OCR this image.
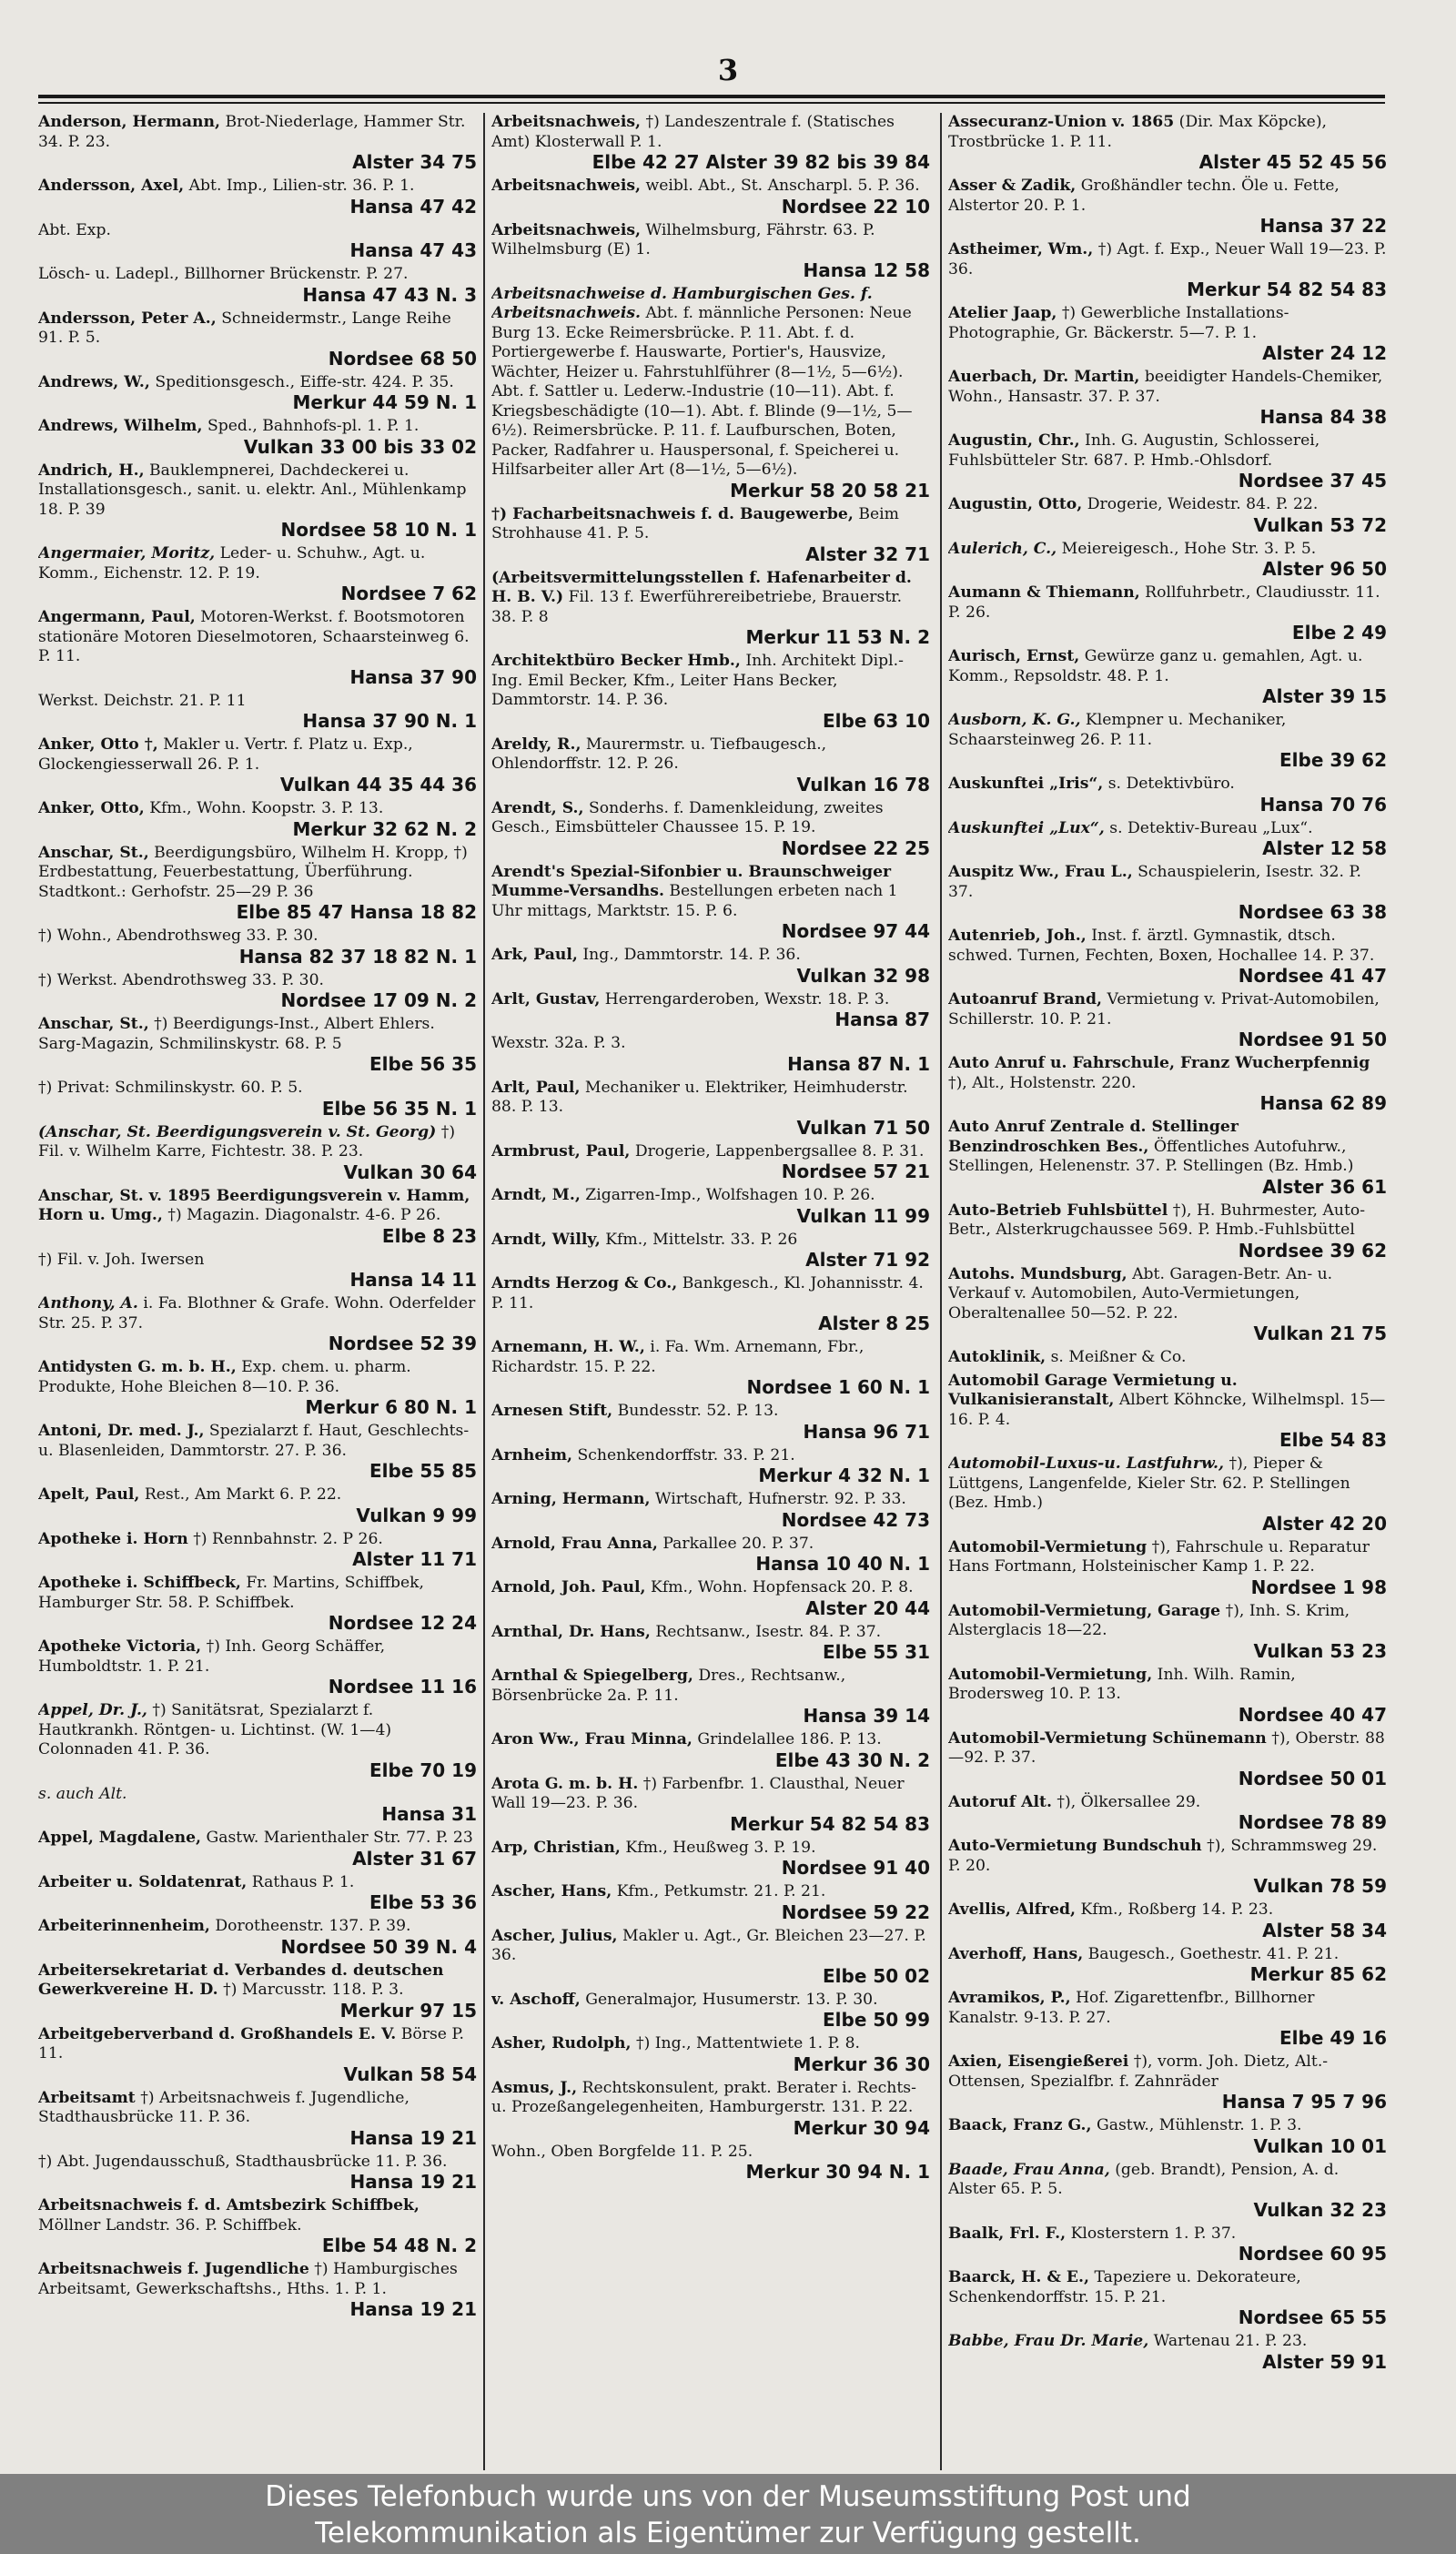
3
Anderson, Hermann, Brot-Niederlage, Hammer Str. 34. P. 23.
Alster 34 75
Andersson, Axel, Abt. Imp., Lilien-str. 36. P. 1.
Hansa 47 42
Abt. Exp.
Hansa 47 43
Lösch- u. Ladepl., Billhorner Brückenstr. P. 27.
Hansa 47 43 N. 3
Andersson, Peter A., Schneidermstr., Lange Reihe 91. P. 5.
Nordsee 68 50
Andrews, W., Speditionsgesch., Eiffe-str. 424. P. 35.
Merkur 44 59 N. 1
Andrews, Wilhelm, Sped., Bahnhofs-pl. 1. P. 1.
Vulkan 33 00 bis 33 02
Andrich, H., Bauklempnerei, Dachdeckerei u. Installationsgesch., sanit. u. elektr. Anl., Mühlenkamp 18. P. 39
Nordsee 58 10 N. 1
Angermaier, Moritz, Leder- u. Schuhw., Agt. u. Komm., Eichenstr. 12. P. 19.
Nordsee 7 62
Angermann, Paul, Motoren-Werkst. f. Bootsmotoren stationäre Motoren Dieselmotoren, Schaarsteinweg 6. P. 11.
Hansa 37 90
Werkst. Deichstr. 21. P. 11
Hansa 37 90 N. 1
Anker, Otto †, Makler u. Vertr. f. Platz u. Exp., Glockengiesserwall 26. P. 1.
Vulkan 44 35 44 36
Anker, Otto, Kfm., Wohn. Koopstr. 3. P. 13.
Merkur 32 62 N. 2
Anschar, St., Beerdigungsbüro, Wilhelm H. Kropp, †) Erdbestattung, Feuerbestattung, Überführung. Stadtkont.: Gerhofstr. 25—29 P. 36
Elbe 85 47 Hansa 18 82
†) Wohn., Abendrothsweg 33. P. 30.
Hansa 82 37 18 82 N. 1
†) Werkst. Abendrothsweg 33. P. 30.
Nordsee 17 09 N. 2
Anschar, St., †) Beerdigungs-Inst., Albert Ehlers. Sarg-Magazin, Schmilinskystr. 68. P. 5
Elbe 56 35
†) Privat: Schmilinskystr. 60. P. 5.
Elbe 56 35 N. 1
(Anschar, St. Beerdigungsverein v. St. Georg) †) Fil. v. Wilhelm Karre, Fichtestr. 38. P. 23.
Vulkan 30 64
Anschar, St. v. 1895 Beerdigungsverein v. Hamm, Horn u. Umg., †) Magazin. Diagonalstr. 4-6. P 26.
Elbe 8 23
†) Fil. v. Joh. Iwersen
Hansa 14 11
Anthony, A. i. Fa. Blothner & Grafe. Wohn. Oderfelder Str. 25. P. 37.
Nordsee 52 39
Antidysten G. m. b. H., Exp. chem. u. pharm. Produkte, Hohe Bleichen 8—10. P. 36.
Merkur 6 80 N. 1
Antoni, Dr. med. J., Spezialarzt f. Haut, Geschlechts- u. Blasenleiden, Dammtorstr. 27. P. 36.
Elbe 55 85
Apelt, Paul, Rest., Am Markt 6. P. 22.
Vulkan 9 99
Apotheke i. Horn †) Rennbahnstr. 2. P 26.
Alster 11 71
Apotheke i. Schiffbeck, Fr. Martins, Schiffbek, Hamburger Str. 58. P. Schiffbek.
Nordsee 12 24
Apotheke Victoria, †) Inh. Georg Schäffer, Humboldtstr. 1. P. 21.
Nordsee 11 16
Appel, Dr. J., †) Sanitätsrat, Spezialarzt f. Hautkrankh. Röntgen- u. Lichtinst. (W. 1—4) Colonnaden 41. P. 36.
Elbe 70 19
s. auch Alt.
Hansa 31
Appel, Magdalene, Gastw. Marienthaler Str. 77. P. 23
Alster 31 67
Arbeiter u. Soldatenrat, Rathaus P. 1.
Elbe 53 36
Arbeiterinnenheim, Dorotheenstr. 137. P. 39.
Nordsee 50 39 N. 4
Arbeitersekretariat d. Verbandes d. deutschen Gewerkvereine H. D. †) Marcusstr. 118. P. 3.
Merkur 97 15
Arbeitgeberverband d. Großhandels E. V. Börse P. 11.
Vulkan 58 54
Arbeitsamt †) Arbeitsnachweis f. Jugendliche, Stadthausbrücke 11. P. 36.
Hansa 19 21
†) Abt. Jugendausschuß, Stadthausbrücke 11. P. 36.
Hansa 19 21
Arbeitsnachweis f. d. Amtsbezirk Schiffbek, Möllner Landstr. 36. P. Schiffbek.
Elbe 54 48 N. 2
Arbeitsnachweis f. Jugendliche †) Hamburgisches Arbeitsamt, Gewerkschaftshs., Hths. 1. P. 1.
Hansa 19 21
Arbeitsnachweis, †) Landeszentrale f. (Statisches Amt) Klosterwall P. 1.
Elbe 42 27 Alster 39 82 bis 39 84
Arbeitsnachweis, weibl. Abt., St. Anscharpl. 5. P. 36.
Nordsee 22 10
Arbeitsnachweis, Wilhelmsburg, Fährstr. 63. P. Wilhelmsburg (E) 1.
Hansa 12 58
Arbeitsnachweise d. Hamburgischen Ges. f. Arbeitsnachweis. Abt. f. männliche Personen: Neue Burg 13. Ecke Reimersbrücke. P. 11. Abt. f. d. Portiergewerbe f. Hauswarte, Portier's, Hausvize, Wächter, Heizer u. Fahrstuhlführer (8—1½, 5—6½). Abt. f. Sattler u. Lederw.-Industrie (10—11). Abt. f. Kriegsbeschädigte (10—1). Abt. f. Blinde (9—1½, 5—6½). Reimersbrücke. P. 11. f. Laufburschen, Boten, Packer, Radfahrer u. Hauspersonal, f. Speicherei u. Hilfsarbeiter aller Art (8—1½, 5—6½).
Merkur 58 20 58 21
†) Facharbeitsnachweis f. d. Baugewerbe, Beim Strohhause 41. P. 5.
Alster 32 71
(Arbeitsvermittelungsstellen f. Hafenarbeiter d. H. B. V.) Fil. 13 f. Ewerführereibetriebe, Brauerstr. 38. P. 8
Merkur 11 53 N. 2
Architektbüro Becker Hmb., Inh. Architekt Dipl.-Ing. Emil Becker, Kfm., Leiter Hans Becker, Dammtorstr. 14. P. 36.
Elbe 63 10
Areldy, R., Maurermstr. u. Tiefbaugesch., Ohlendorffstr. 12. P. 26.
Vulkan 16 78
Arendt, S., Sonderhs. f. Damenkleidung, zweites Gesch., Eimsbütteler Chaussee 15. P. 19.
Nordsee 22 25
Arendt's Spezial-Sifonbier u. Braunschweiger Mumme-Versandhs. Bestellungen erbeten nach 1 Uhr mittags, Marktstr. 15. P. 6.
Nordsee 97 44
Ark, Paul, Ing., Dammtorstr. 14. P. 36.
Vulkan 32 98
Arlt, Gustav, Herrengarderoben, Wexstr. 18. P. 3.
Hansa 87
Wexstr. 32a. P. 3.
Hansa 87 N. 1
Arlt, Paul, Mechaniker u. Elektriker, Heimhuderstr. 88. P. 13.
Vulkan 71 50
Armbrust, Paul, Drogerie, Lappenbergsallee 8. P. 31.
Nordsee 57 21
Arndt, M., Zigarren-Imp., Wolfshagen 10. P. 26.
Vulkan 11 99
Arndt, Willy, Kfm., Mittelstr. 33. P. 26
Alster 71 92
Arndts Herzog & Co., Bankgesch., Kl. Johannisstr. 4. P. 11.
Alster 8 25
Arnemann, H. W., i. Fa. Wm. Arnemann, Fbr., Richardstr. 15. P. 22.
Nordsee 1 60 N. 1
Arnesen Stift, Bundesstr. 52. P. 13.
Hansa 96 71
Arnheim, Schenkendorffstr. 33. P. 21.
Merkur 4 32 N. 1
Arning, Hermann, Wirtschaft, Hufnerstr. 92. P. 33.
Nordsee 42 73
Arnold, Frau Anna, Parkallee 20. P. 37.
Hansa 10 40 N. 1
Arnold, Joh. Paul, Kfm., Wohn. Hopfensack 20. P. 8.
Alster 20 44
Arnthal, Dr. Hans, Rechtsanw., Isestr. 84. P. 37.
Elbe 55 31
Arnthal & Spiegelberg, Dres., Rechtsanw., Börsenbrücke 2a. P. 11.
Hansa 39 14
Aron Ww., Frau Minna, Grindelallee 186. P. 13.
Elbe 43 30 N. 2
Arota G. m. b. H. †) Farbenfbr. 1. Clausthal, Neuer Wall 19—23. P. 36.
Merkur 54 82 54 83
Arp, Christian, Kfm., Heußweg 3. P. 19.
Nordsee 91 40
Ascher, Hans, Kfm., Petkumstr. 21. P. 21.
Nordsee 59 22
Ascher, Julius, Makler u. Agt., Gr. Bleichen 23—27. P. 36.
Elbe 50 02
v. Aschoff, Generalmajor, Husumerstr. 13. P. 30.
Elbe 50 99
Asher, Rudolph, †) Ing., Mattentwiete 1. P. 8.
Merkur 36 30
Asmus, J., Rechtskonsulent, prakt. Berater i. Rechts- u. Prozeßangelegenheiten, Hamburgerstr. 131. P. 22.
Merkur 30 94
Wohn., Oben Borgfelde 11. P. 25.
Merkur 30 94 N. 1
Assecuranz-Union v. 1865 (Dir. Max Köpcke), Trostbrücke 1. P. 11.
Alster 45 52 45 56
Asser & Zadik, Großhändler techn. Öle u. Fette, Alstertor 20. P. 1.
Hansa 37 22
Astheimer, Wm., †) Agt. f. Exp., Neuer Wall 19—23. P. 36.
Merkur 54 82 54 83
Atelier Jaap, †) Gewerbliche Installations-Photographie, Gr. Bäckerstr. 5—7. P. 1.
Alster 24 12
Auerbach, Dr. Martin, beeidigter Handels-Chemiker, Wohn., Hansastr. 37. P. 37.
Hansa 84 38
Augustin, Chr., Inh. G. Augustin, Schlosserei, Fuhlsbütteler Str. 687. P. Hmb.-Ohlsdorf.
Nordsee 37 45
Augustin, Otto, Drogerie, Weidestr. 84. P. 22.
Vulkan 53 72
Aulerich, C., Meiereigesch., Hohe Str. 3. P. 5.
Alster 96 50
Aumann & Thiemann, Rollfuhrbetr., Claudiusstr. 11. P. 26.
Elbe 2 49
Aurisch, Ernst, Gewürze ganz u. gemahlen, Agt. u. Komm., Repsoldstr. 48. P. 1.
Alster 39 15
Ausborn, K. G., Klempner u. Mechaniker, Schaarsteinweg 26. P. 11.
Elbe 39 62
Auskunftei „Iris“, s. Detektivbüro.
Hansa 70 76
Auskunftei „Lux“, s. Detektiv-Bureau „Lux“.
Alster 12 58
Auspitz Ww., Frau L., Schauspielerin, Isestr. 32. P. 37.
Nordsee 63 38
Autenrieb, Joh., Inst. f. ärztl. Gymnastik, dtsch. schwed. Turnen, Fechten, Boxen, Hochallee 14. P. 37.
Nordsee 41 47
Autoanruf Brand, Vermietung v. Privat-Automobilen, Schillerstr. 10. P. 21.
Nordsee 91 50
Auto Anruf u. Fahrschule, Franz Wucherpfennig †), Alt., Holstenstr. 220.
Hansa 62 89
Auto Anruf Zentrale d. Stellinger Benzindroschken Bes., Öffentliches Autofuhrw., Stellingen, Helenenstr. 37. P. Stellingen (Bz. Hmb.)
Alster 36 61
Auto-Betrieb Fuhlsbüttel †), H. Buhrmester, Auto-Betr., Alsterkrugchaussee 569. P. Hmb.-Fuhlsbüttel
Nordsee 39 62
Autohs. Mundsburg, Abt. Garagen-Betr. An- u. Verkauf v. Automobilen, Auto-Vermietungen, Oberaltenallee 50—52. P. 22.
Vulkan 21 75
Autoklinik, s. Meißner & Co.
Automobil Garage Vermietung u. Vulkanisieranstalt, Albert Köhncke, Wilhelmspl. 15—16. P. 4.
Elbe 54 83
Automobil-Luxus-u. Lastfuhrw., †), Pieper & Lüttgens, Langenfelde, Kieler Str. 62. P. Stellingen (Bez. Hmb.)
Alster 42 20
Automobil-Vermietung †), Fahrschule u. Reparatur Hans Fortmann, Holsteinischer Kamp 1. P. 22.
Nordsee 1 98
Automobil-Vermietung, Garage †), Inh. S. Krim, Alsterglacis 18—22.
Vulkan 53 23
Automobil-Vermietung, Inh. Wilh. Ramin, Brodersweg 10. P. 13.
Nordsee 40 47
Automobil-Vermietung Schünemann †), Oberstr. 88—92. P. 37.
Nordsee 50 01
Autoruf Alt. †), Ölkersallee 29.
Nordsee 78 89
Auto-Vermietung Bundschuh †), Schrammsweg 29. P. 20.
Vulkan 78 59
Avellis, Alfred, Kfm., Roßberg 14. P. 23.
Alster 58 34
Averhoff, Hans, Baugesch., Goethestr. 41. P. 21.
Merkur 85 62
Avramikos, P., Hof. Zigarettenfbr., Billhorner Kanalstr. 9-13. P. 27.
Elbe 49 16
Axien, Eisengießerei †), vorm. Joh. Dietz, Alt.-Ottensen, Spezialfbr. f. Zahnräder
Hansa 7 95 7 96
Baack, Franz G., Gastw., Mühlenstr. 1. P. 3.
Vulkan 10 01
Baade, Frau Anna, (geb. Brandt), Pension, A. d. Alster 65. P. 5.
Vulkan 32 23
Baalk, Frl. F., Klosterstern 1. P. 37.
Nordsee 60 95
Baarck, H. & E., Tapeziere u. Dekorateure, Schenkendorffstr. 15. P. 21.
Nordsee 65 55
Babbe, Frau Dr. Marie, Wartenau 21. P. 23.
Alster 59 91

Dieses Telefonbuch wurde uns von der Museumsstiftung Post und

Telekommunikation als Eigentümer zur Verfügung gestellt.
